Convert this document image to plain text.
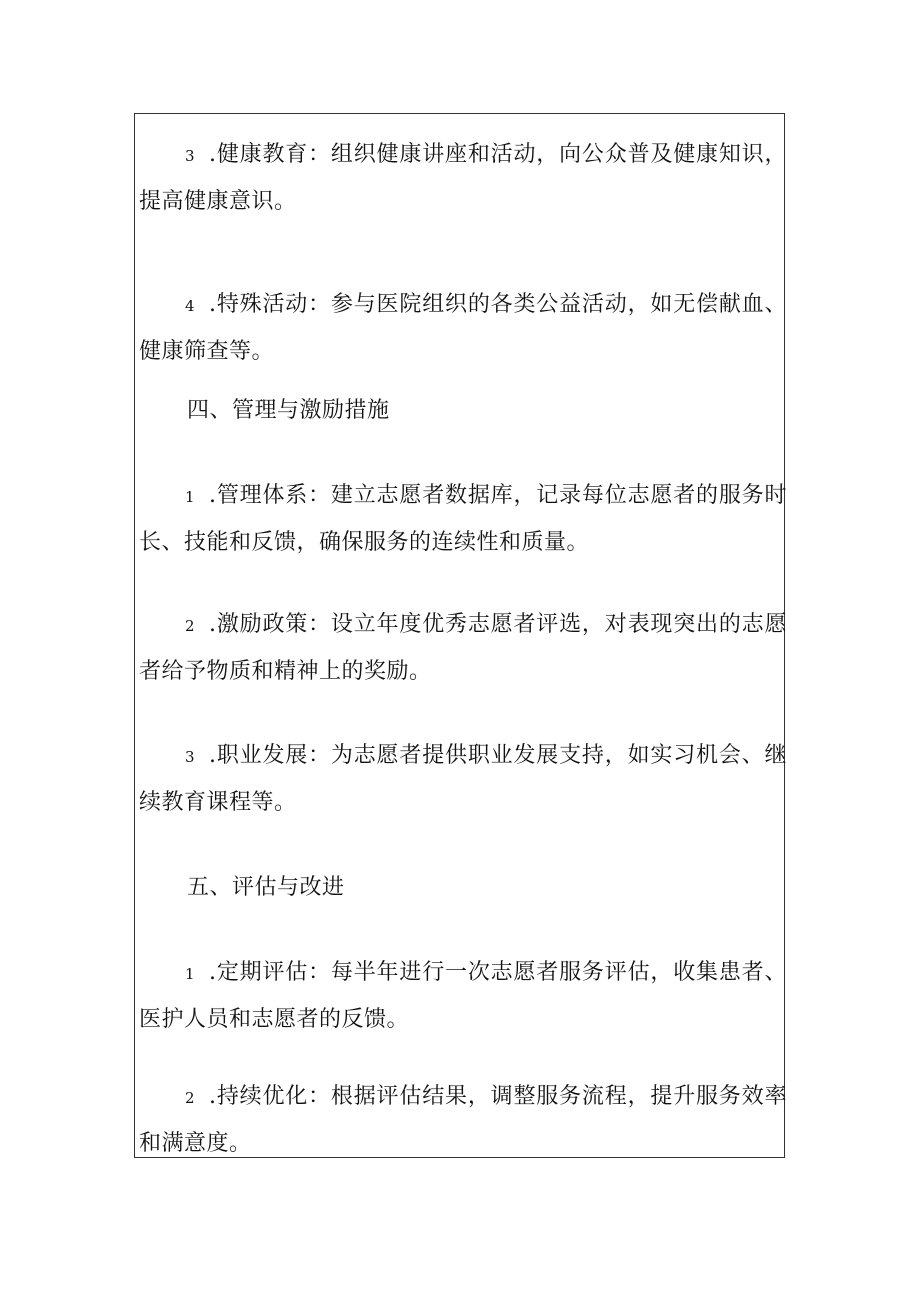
3 .健康教育：组织健康讲座和活动，向公众普及健康知识，提高健康意识。

4 .特殊活动：参与医院组织的各类公益活动，如无偿献血、健康筛查等。

四、管理与激励措施

1 .管理体系：建立志愿者数据库，记录每位志愿者的服务时长、技能和反馈，确保服务的连续性和质量。

2 .激励政策：设立年度优秀志愿者评选，对表现突出的志愿者给予物质和精神上的奖励。

3 .职业发展：为志愿者提供职业发展支持，如实习机会、继续教育课程等。

五、评估与改进

1 .定期评估：每半年进行一次志愿者服务评估，收集患者、医护人员和志愿者的反馈。

2 .持续优化：根据评估结果，调整服务流程，提升服务效率和满意度。
